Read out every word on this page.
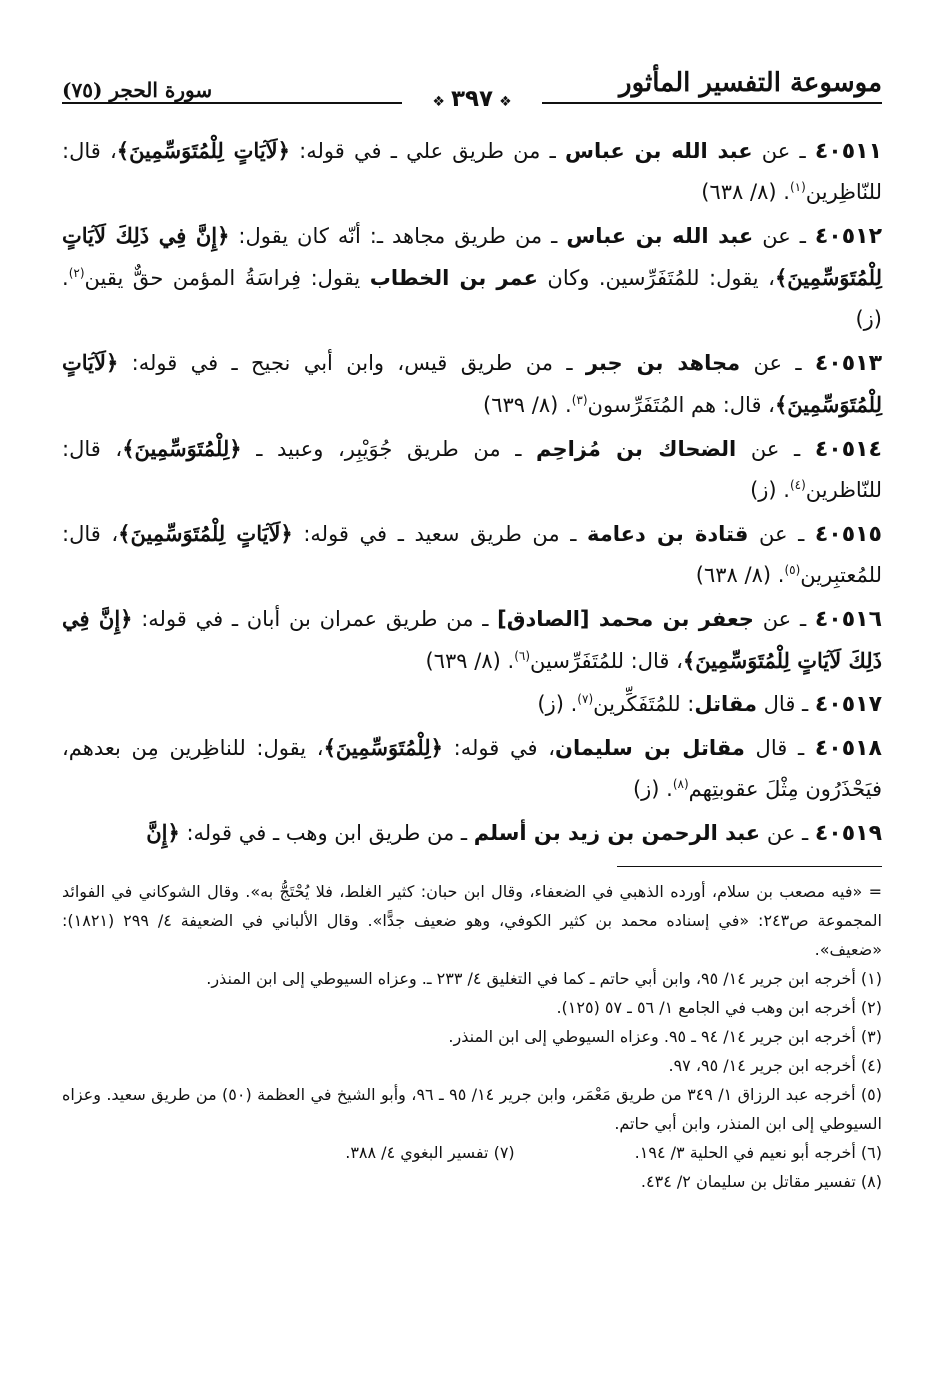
موسوعة التفسير المأثور
سورة الحجر (٧٥)	❖٣٩٧❖
٤٠٥١١ ـ عن عبد الله بن عباس ـ من طريق علي ـ في قوله: ﴿لَآيَاتٍ لِلْمُتَوَسِّمِينَ﴾، قال: للنّاظِرين$^{(١)}$. (٨/ ٦٣٨)
٤٠٥١٢ ـ عن عبد الله بن عباس ـ من طريق مجاهد ـ: أنّه كان يقول: ﴿إِنَّ فِي ذَلِكَ لَآيَاتٍ لِلْمُتَوَسِّمِينَ﴾، يقول: للمُتَفَرِّسين. وكان عمر بن الخطاب يقول: فِراسَةُ المؤمن حقٌّ يقين$^{(٢)}$. (ز)
٤٠٥١٣ ـ عن مجاهد بن جبر ـ من طريق قيس، وابن أبي نجيح ـ في قوله: ﴿لَآيَاتٍ لِلْمُتَوَسِّمِينَ﴾، قال: هم المُتَفَرِّسون$^{(٣)}$. (٨/ ٦٣٩)
٤٠٥١٤ ـ عن الضحاك بن مُزاحِم ـ من طريق جُوَيْبِر، وعبيد ـ ﴿لِلْمُتَوَسِّمِينَ﴾، قال: للنّاظرين$^{(٤)}$. (ز)
٤٠٥١٥ ـ عن قتادة بن دعامة ـ من طريق سعيد ـ في قوله: ﴿لَآيَاتٍ لِلْمُتَوَسِّمِينَ﴾، قال: للمُعتبِرين$^{(٥)}$. (٨/ ٦٣٨)
٤٠٥١٦ ـ عن جعفر بن محمد [الصادق] ـ من طريق عمران بن أبان ـ في قوله: ﴿إِنَّ فِي ذَلِكَ لَآيَاتٍ لِلْمُتَوَسِّمِينَ﴾، قال: للمُتَفَرِّسين$^{(٦)}$. (٨/ ٦٣٩)
٤٠٥١٧ ـ قال مقاتل: للمُتَفَكِّرين$^{(٧)}$. (ز)
٤٠٥١٨ ـ قال مقاتل بن سليمان، في قوله: ﴿لِلْمُتَوَسِّمِينَ﴾، يقول: للناظِرين مِن بعدهم، فيَحْذَرُون مِثْلَ عقوبتِهم$^{(٨)}$. (ز)
٤٠٥١٩ ـ عن عبد الرحمن بن زيد بن أسلم ـ من طريق ابن وهب ـ في قوله: ﴿إِنَّ
= «فيه مصعب بن سلام، أورده الذهبي في الضعفاء، وقال ابن حبان: كثير الغلط، فلا يُحْتَجُّ به». وقال الشوكاني في الفوائد المجموعة ص٢٤٣: «في إسناده محمد بن كثير الكوفي، وهو ضعيف جدًّا». وقال الألباني في الضعيفة ٤/ ٢٩٩ (١٨٢١): «ضعيف».
(١) أخرجه ابن جرير ١٤/ ٩٥، وابن أبي حاتم ـ كما في التغليق ٤/ ٢٣٣ ـ. وعزاه السيوطي إلى ابن المنذر.
(٢) أخرجه ابن وهب في الجامع ١/ ٥٦ ـ ٥٧ (١٢٥).
(٣) أخرجه ابن جرير ١٤/ ٩٤ ـ ٩٥. وعزاه السيوطي إلى ابن المنذر.
(٤) أخرجه ابن جرير ١٤/ ٩٥، ٩٧.
(٥) أخرجه عبد الرزاق ١/ ٣٤٩ من طريق مَعْمَر، وابن جرير ١٤/ ٩٥ ـ ٩٦، وأبو الشيخ في العظمة (٥٠) من طريق سعيد. وعزاه السيوطي إلى ابن المنذر، وابن أبي حاتم.
(٦) أخرجه أبو نعيم في الحلية ٣/ ١٩٤.
(٧) تفسير البغوي ٤/ ٣٨٨.
(٨) تفسير مقاتل بن سليمان ٢/ ٤٣٤.
